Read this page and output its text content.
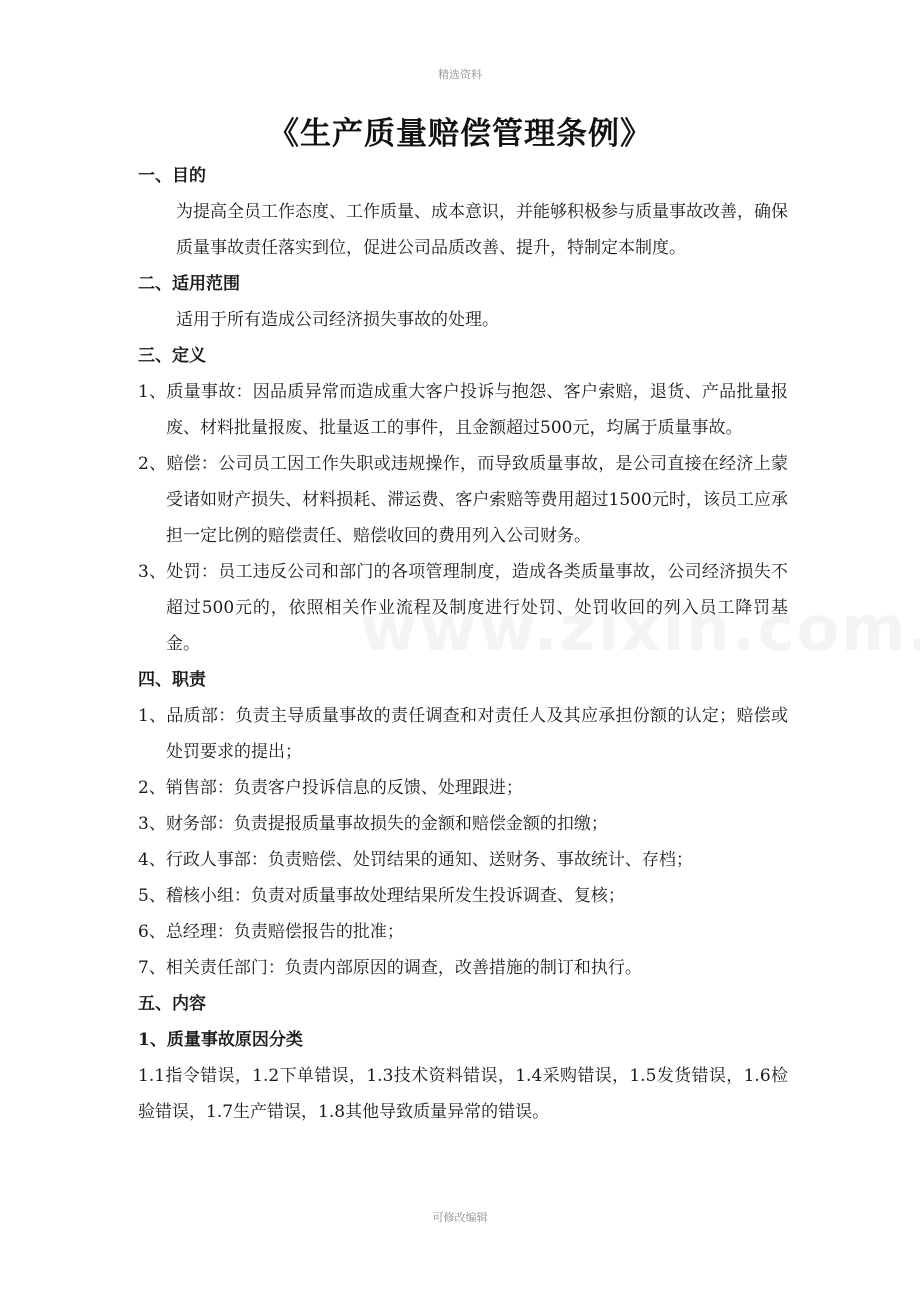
精选资料
《生产质量赔偿管理条例》
一、目的
为提高全员工作态度、工作质量、成本意识，并能够积极参与质量事故改善，确保质量事故责任落实到位，促进公司品质改善、提升，特制定本制度。
二、适用范围
适用于所有造成公司经济损失事故的处理。
三、定义
1、质量事故：因品质异常而造成重大客户投诉与抱怨、客户索赔，退货、产品批量报废、材料批量报废、批量返工的事件，且金额超过500元，均属于质量事故。
2、赔偿：公司员工因工作失职或违规操作，而导致质量事故，是公司直接在经济上蒙受诸如财产损失、材料损耗、滞运费、客户索赔等费用超过1500元时，该员工应承担一定比例的赔偿责任、赔偿收回的费用列入公司财务。
3、处罚：员工违反公司和部门的各项管理制度，造成各类质量事故，公司经济损失不超过500元的，依照相关作业流程及制度进行处罚、处罚收回的列入员工降罚基金。
四、职责
1、品质部：负责主导质量事故的责任调查和对责任人及其应承担份额的认定；赔偿或处罚要求的提出；
2、销售部：负责客户投诉信息的反馈、处理跟进；
3、财务部：负责提报质量事故损失的金额和赔偿金额的扣缴；
4、行政人事部：负责赔偿、处罚结果的通知、送财务、事故统计、存档；
5、稽核小组：负责对质量事故处理结果所发生投诉调查、复核；
6、总经理：负责赔偿报告的批准；
7、相关责任部门：负责内部原因的调查，改善措施的制订和执行。
五、内容
1、质量事故原因分类
1.1指令错误，1.2下单错误，1.3技术资料错误，1.4采购错误，1.5发货错误，1.6检验错误，1.7生产错误，1.8其他导致质量异常的错误。
可修改编辑
